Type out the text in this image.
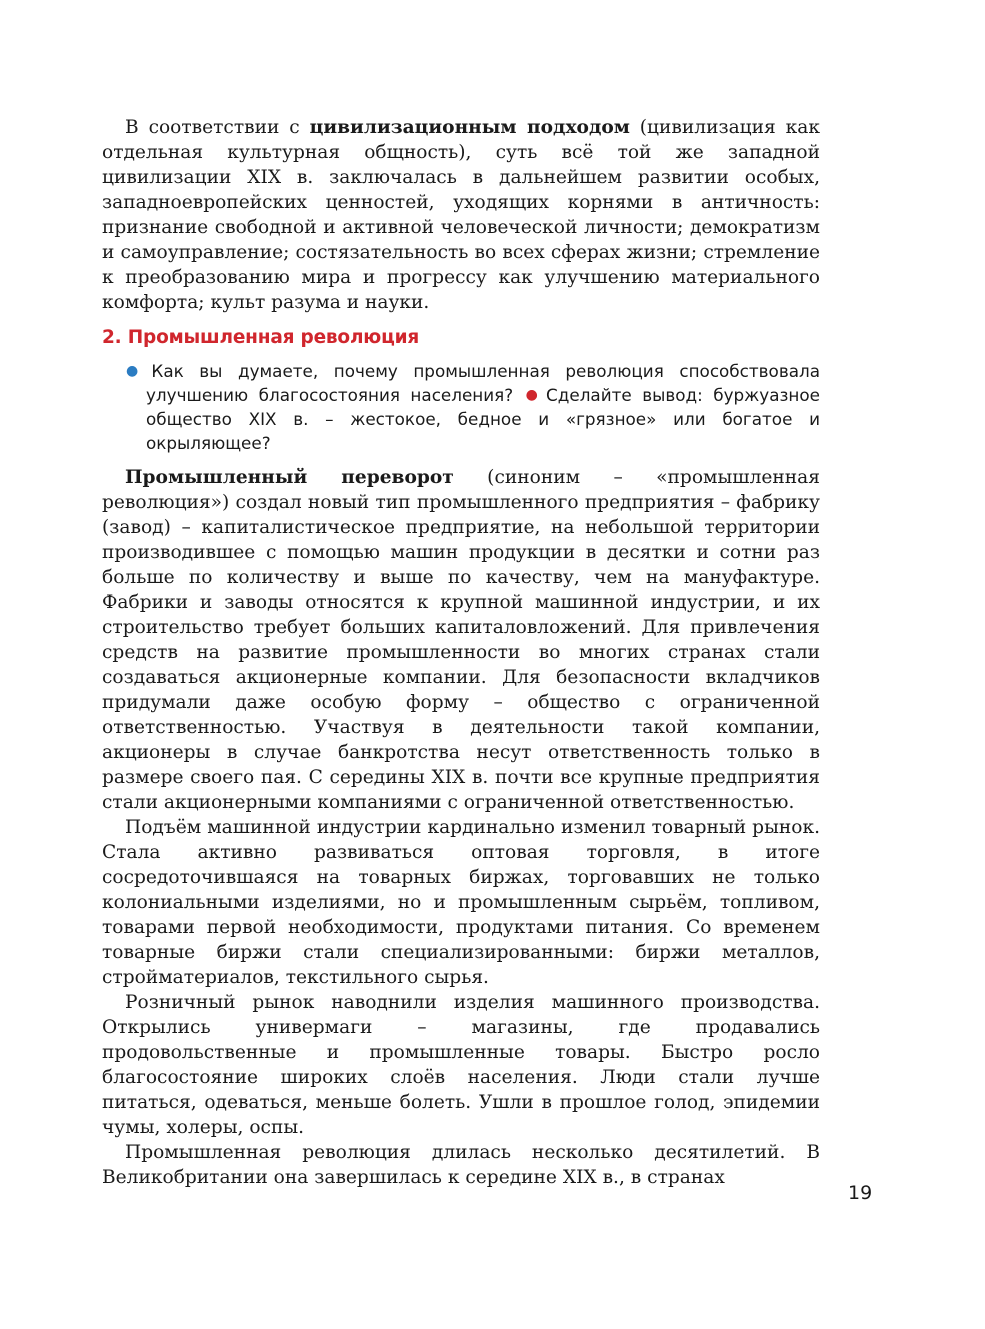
В соответствии с цивилизационным подходом (цивилизация как отдельная культурная общность), суть всё той же западной цивилизации XIX в. заключалась в дальнейшем развитии особых, западноевропейских ценностей, уходящих корнями в античность: признание свободной и активной человеческой личности; демократизм и самоуправление; состязательность во всех сферах жизни; стремление к преобразованию мира и прогрессу как улучшению материального комфорта; культ разума и науки.

2. Промышленная революция
● Как вы думаете, почему промышленная революция способствовала улучшению благосостояния населения? ● Сделайте вывод: буржуазное общество XIX в. – жестокое, бедное и «грязное» или богатое и окрыляющее?

Промышленный переворот (синоним – «промышленная революция») создал новый тип промышленного предприятия – фабрику (завод) – капиталистическое предприятие, на небольшой территории производившее с помощью машин продукции в десятки и сотни раз больше по количеству и выше по качеству, чем на мануфактуре. Фабрики и заводы относятся к крупной машинной индустрии, и их строительство требует больших капиталовложений. Для привлечения средств на развитие промышленности во многих странах стали создаваться акционерные компании. Для безопасности вкладчиков придумали даже особую форму – общество с ограниченной ответственностью. Участвуя в деятельности такой компании, акционеры в случае банкротства несут ответственность только в размере своего пая. С середины XIX в. почти все крупные предприятия стали акционерными компаниями с ограниченной ответственностью.

Подъём машинной индустрии кардинально изменил товарный рынок. Стала активно развиваться оптовая торговля, в итоге сосредоточившаяся на товарных биржах, торговавших не только колониальными изделиями, но и промышленным сырьём, топливом, товарами первой необходимости, продуктами питания. Со временем товарные биржи стали специализированными: биржи металлов, стройматериалов, текстильного сырья.

Розничный рынок наводнили изделия машинного производства. Открылись универмаги – магазины, где продавались продовольственные и промышленные товары. Быстро росло благосостояние широких слоёв населения. Люди стали лучше питаться, одеваться, меньше болеть. Ушли в прошлое голод, эпидемии чумы, холеры, оспы.

Промышленная революция длилась несколько десятилетий. В Великобритании она завершилась к середине XIX в., в странах

19
